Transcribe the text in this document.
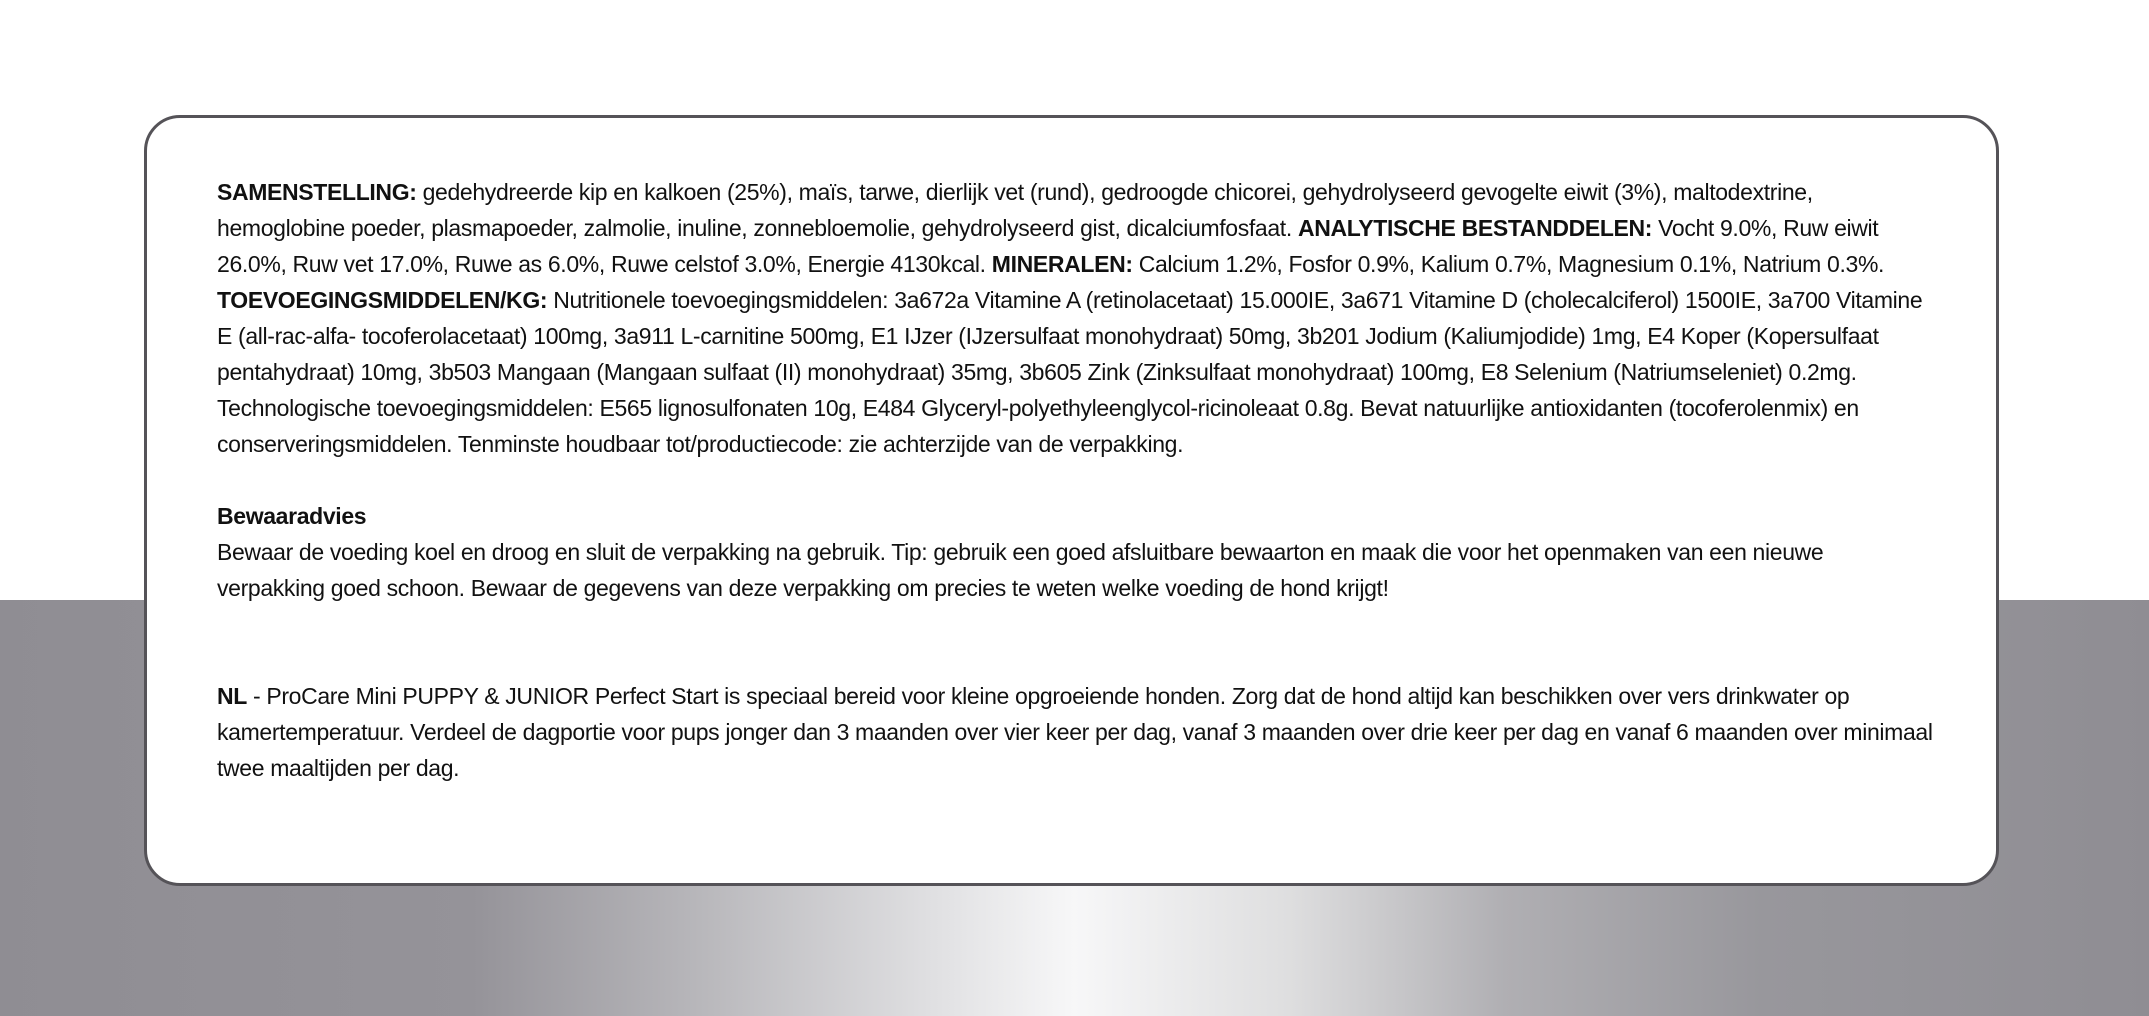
SAMENSTELLING: gedehydreerde kip en kalkoen (25%), maïs, tarwe, dierlijk vet (rund), gedroogde chicorei, gehydrolyseerd gevogelte eiwit (3%), maltodextrine, hemoglobine poeder, plasmapoeder, zalmolie, inuline, zonnebloemolie, gehydrolyseerd gist, dicalciumfosfaat. ANALYTISCHE BESTANDDELEN: Vocht 9.0%, Ruw eiwit 26.0%, Ruw vet 17.0%, Ruwe as 6.0%, Ruwe celstof 3.0%, Energie 4130kcal. MINERALEN: Calcium 1.2%, Fosfor 0.9%, Kalium 0.7%, Magnesium 0.1%, Natrium 0.3%. TOEVOEGINGSMIDDELEN/KG: Nutritionele toevoegingsmiddelen: 3a672a Vitamine A (retinolacetaat) 15.000IE, 3a671 Vitamine D (cholecalciferol) 1500IE, 3a700 Vitamine E (all-rac-alfa- tocoferolacetaat) 100mg, 3a911 L-carnitine 500mg, E1 IJzer (IJzersulfaat monohydraat) 50mg, 3b201 Jodium (Kaliumjodide) 1mg, E4 Koper (Kopersulfaat pentahydraat) 10mg, 3b503 Mangaan (Mangaan sulfaat (II) monohydraat) 35mg, 3b605 Zink (Zinksulfaat monohydraat) 100mg, E8 Selenium (Natriumseleniet) 0.2mg. Technologische toevoegingsmiddelen: E565 lignosulfonaten 10g, E484 Glyceryl-polyethyleenglycol-ricinoleaat 0.8g. Bevat natuurlijke antioxidanten (tocoferolenmix) en conserveringsmiddelen. Tenminste houdbaar tot/productiecode: zie achterzijde van de verpakking.

Bewaaradvies

Bewaar de voeding koel en droog en sluit de verpakking na gebruik. Tip: gebruik een goed afsluitbare bewaarton en maak die voor het openmaken van een nieuwe verpakking goed schoon. Bewaar de gegevens van deze verpakking om precies te weten welke voeding de hond krijgt!

NL - ProCare Mini PUPPY & JUNIOR Perfect Start is speciaal bereid voor kleine opgroeiende honden. Zorg dat de hond altijd kan beschikken over vers drinkwater op kamertemperatuur. Verdeel de dagportie voor pups jonger dan 3 maanden over vier keer per dag, vanaf 3 maanden over drie keer per dag en vanaf 6 maanden over minimaal twee maaltijden per dag.
